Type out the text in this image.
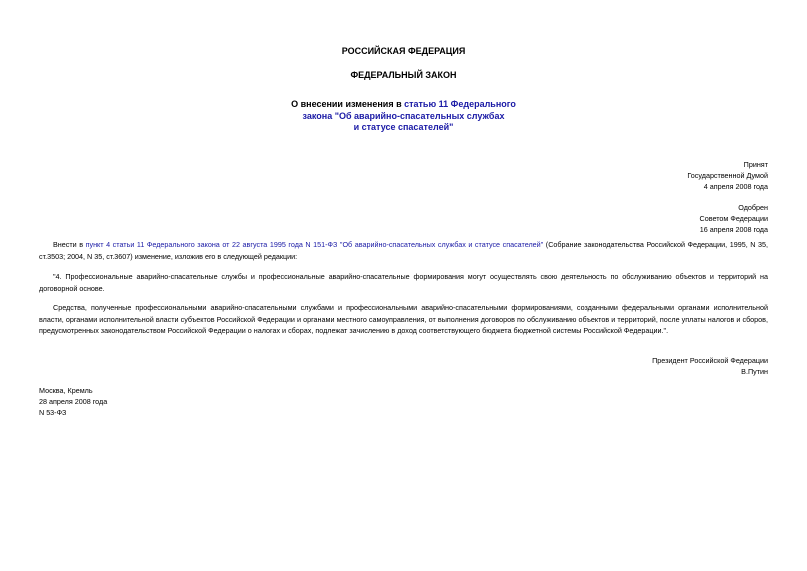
РОССИЙСКАЯ ФЕДЕРАЦИЯ
ФЕДЕРАЛЬНЫЙ ЗАКОН
О внесении изменения в статью 11 Федерального
закона "Об аварийно-спасательных службах
и статусе спасателей"
Принят
Государственной Думой
4 апреля 2008 года
Одобрен
Советом Федерации
16 апреля 2008 года
Внести в пункт 4 статьи 11 Федерального закона от 22 августа 1995 года N 151-ФЗ "Об аварийно-спасательных службах и статусе спасателей" (Собрание законодательства Российской Федерации, 1995, N 35, ст.3503; 2004, N 35, ст.3607) изменение, изложив его в следующей редакции:
"4. Профессиональные аварийно-спасательные службы и профессиональные аварийно-спасательные формирования могут осуществлять свою деятельность по обслуживанию объектов и территорий на договорной основе.
Средства, полученные профессиональными аварийно-спасательными службами и профессиональными аварийно-спасательными формированиями, созданными федеральными органами исполнительной власти, органами исполнительной власти субъектов Российской Федерации и органами местного самоуправления, от выполнения договоров по обслуживанию объектов и территорий, после уплаты налогов и сборов, предусмотренных законодательством Российской Федерации о налогах и сборах, подлежат зачислению в доход соответствующего бюджета бюджетной системы Российской Федерации.".
Президент Российской Федерации
В.Путин
Москва, Кремль
28 апреля 2008 года
N 53-ФЗ
